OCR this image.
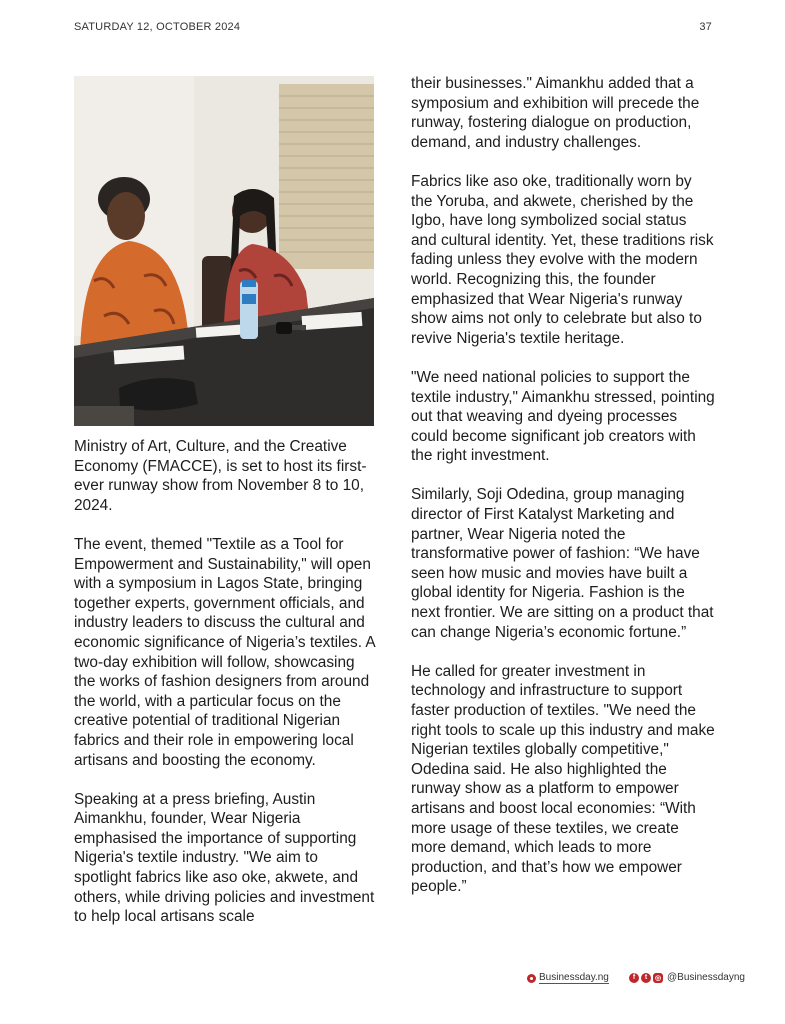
SATURDAY 12, OCTOBER 2024	37

Ministry of Art, Culture, and the Creative Economy (FMACCE), is set to host its first-ever runway show from November 8 to 10, 2024.

The event, themed "Textile as a Tool for Empowerment and Sustainability," will open with a symposium in Lagos State, bringing together experts, government officials, and industry leaders to discuss the cultural and economic significance of Nigeria’s textiles. A two-day exhibition will follow, showcasing the works of fashion designers from around the world, with a particular focus on the creative potential of traditional Nigerian fabrics and their role in empowering local artisans and boosting the economy.

Speaking at a press briefing, Austin Aimankhu, founder, Wear Nigeria emphasised the importance of supporting Nigeria's textile industry. "We aim to spotlight fabrics like aso oke, akwete, and others, while driving policies and investment to help local artisans scale

their businesses." Aimankhu added that a symposium and exhibition will precede the runway, fostering dialogue on production, demand, and industry challenges.

Fabrics like aso oke, traditionally worn by the Yoruba, and akwete, cherished by the Igbo, have long symbolized social status and cultural identity. Yet, these traditions risk fading unless they evolve with the modern world. Recognizing this, the founder emphasized that Wear Nigeria's runway show aims not only to celebrate but also to revive Nigeria's textile heritage.

"We need national policies to support the textile industry," Aimankhu stressed, pointing out that weaving and dyeing processes could become significant job creators with the right investment.

Similarly, Soji Odedina, group managing director of First Katalyst Marketing and partner, Wear Nigeria noted the transformative power of fashion: “We have seen how music and movies have built a global identity for Nigeria. Fashion is the next frontier. We are sitting on a product that can change Nigeria’s economic fortune.”

He called for greater investment in technology and infrastructure to support faster production of textiles. "We need the right tools to scale up this industry and make Nigerian textiles globally competitive," Odedina said. He also highlighted the runway show as a platform to empower artisans and boost local economies: “With more usage of these textiles, we create more demand, which leads to more production, and that’s how we empower people.”

Businessday.ng	f	t	◎ @Businessdayng
